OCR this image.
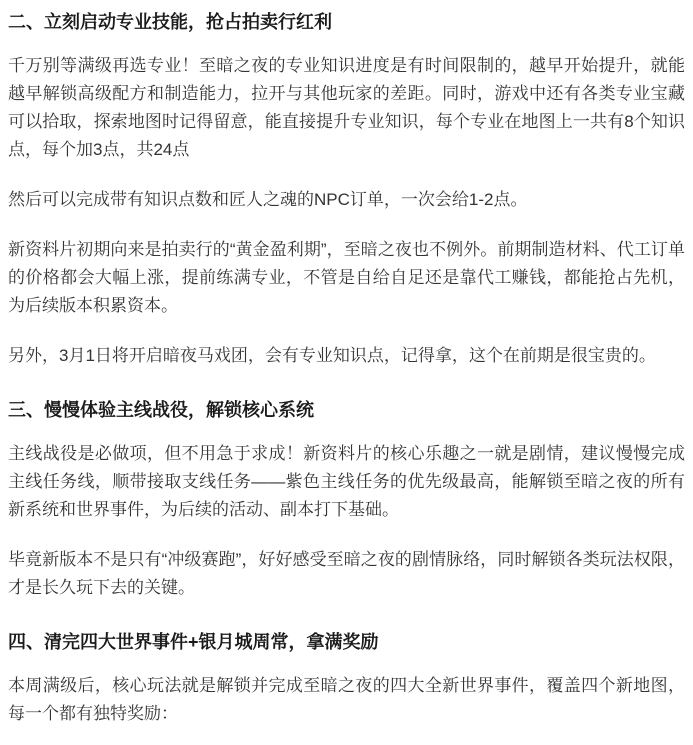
二、立刻启动专业技能，抢占拍卖行红利

千万别等满级再选专业！至暗之夜的专业知识进度是有时间限制的，越早开始提升，就能越早解锁高级配方和制造能力，拉开与其他玩家的差距。同时，游戏中还有各类专业宝藏可以拾取，探索地图时记得留意，能直接提升专业知识，每个专业在地图上一共有8个知识点，每个加3点，共24点

然后可以完成带有知识点数和匠人之魂的NPC订单，一次会给1-2点。

新资料片初期向来是拍卖行的“黄金盈利期”，至暗之夜也不例外。前期制造材料、代工订单的价格都会大幅上涨，提前练满专业，不管是自给自足还是靠代工赚钱，都能抢占先机，为后续版本积累资本。

另外，3月1日将开启暗夜马戏团，会有专业知识点，记得拿，这个在前期是很宝贵的。

三、慢慢体验主线战役，解锁核心系统

主线战役是必做项，但不用急于求成！新资料片的核心乐趣之一就是剧情，建议慢慢完成主线任务线，顺带接取支线任务——紫色主线任务的优先级最高，能解锁至暗之夜的所有新系统和世界事件，为后续的活动、副本打下基础。

毕竟新版本不是只有“冲级赛跑”，好好感受至暗之夜的剧情脉络，同时解锁各类玩法权限，才是长久玩下去的关键。

四、清完四大世界事件+银月城周常，拿满奖励

本周满级后，核心玩法就是解锁并完成至暗之夜的四大全新世界事件，覆盖四个新地图，每一个都有独特奖励：
